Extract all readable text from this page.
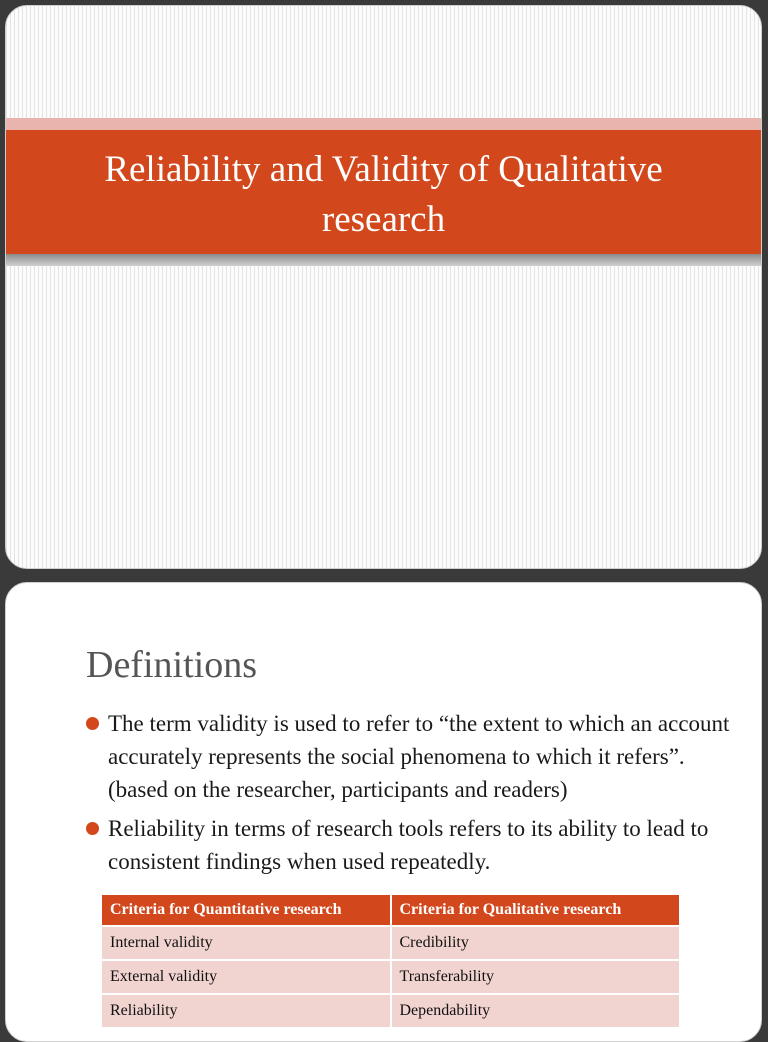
Reliability and Validity of Qualitative research
Definitions
The term validity is used to refer to “the extent to which an account accurately represents the social phenomena to which it refers”. (based on the researcher, participants and readers)
Reliability in terms of research tools refers to its ability to lead to consistent findings when used repeatedly.
Criteria for Quantitative research	Criteria for Qualitative research
Internal validity	Credibility
External validity	Transferability
Reliability	Dependability
